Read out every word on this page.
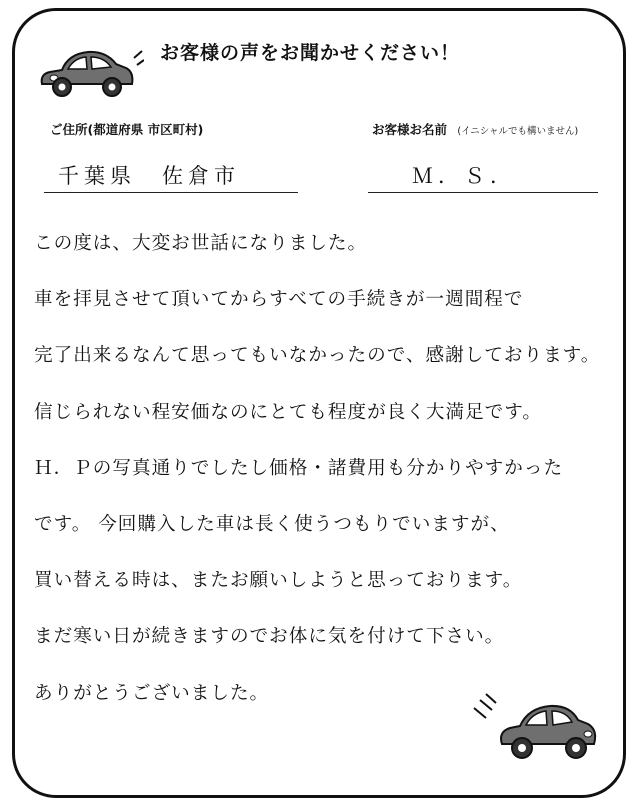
お客様の声をお聞かせください！
ご住所(都道府県 市区町村)
千葉県　佐倉市
お客様お名前 (イニシャルでも構いません)
Ｍ．Ｓ．
この度は、大変お世話になりました。
車を拝見させて頂いてからすべての手続きが一週間程で
完了出来るなんて思ってもいなかったので、感謝しております。
信じられない程安価なのにとても程度が良く大満足です。
Ｈ．Ｐの写真通りでしたし価格・諸費用も分かりやすかった
です。 今回購入した車は長く使うつもりでいますが、
買い替える時は、またお願いしようと思っております。
まだ寒い日が続きますのでお体に気を付けて下さい。
ありがとうございました。
